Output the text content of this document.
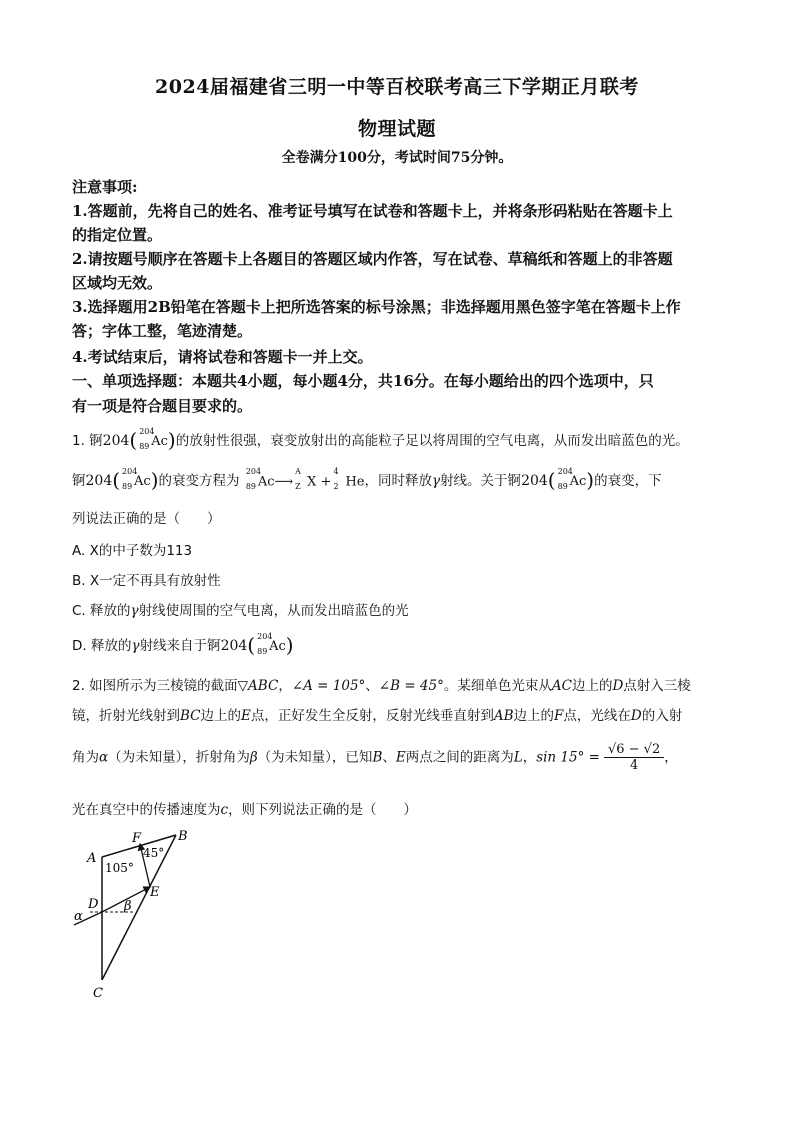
2024届福建省三明一中等百校联考高三下学期正月联考
物理试题
全卷满分100分，考试时间75分钟。
注意事项:
1.答题前，先将自己的姓名、准考证号填写在试卷和答题卡上，并将条形码粘贴在答题卡上
的指定位置。
2.请按题号顺序在答题卡上各题目的答题区域内作答，写在试卷、草稿纸和答题上的非答题
区域均无效。
3.选择题用2B铅笔在答题卡上把所选答案的标号涂黑；非选择题用黑色签字笔在答题卡上作
答；字体工整，笔迹清楚。
4.考试结束后，请将试卷和答题卡一并上交。
一、单项选择题：本题共4小题，每小题4分，共16分。在每小题给出的四个选项中，只
有一项是符合题目要求的。
1. 锕204( 204
89 Ac)的放射性很强，衰变放射出的高能粒子足以将周围的空气电离，从而发出暗蓝色的光。
锕204( 204
89 Ac)的衰变方程为
204
89 Ac⟶
A
Z X +
4
2 He，同时释放γ射线。关于锕204( 204
89 Ac)的衰变，下
列说法正确的是（　　）
A. X的中子数为113
B. X一定不再具有放射性
C. 释放的γ射线使周围的空气电离，从而发出暗蓝色的光
D. 释放的γ射线来自于锕204( 204
89 Ac)
2. 如图所示为三棱镜的截面▽ABC，∠A = 105°、∠B = 45°。某细单色光束从AC边上的D点射入三棱
镜，折射光线射到BC边上的E点，正好发生全反射，反射光线垂直射到AB边上的F点，光线在D的入射
角为α（为未知量），折射角为β（为未知量），已知B、E两点之间的距离为L，$\sin 15^\circ = \frac{√6 - √2}{4}$ ，
光在真空中的传播速度为c，则下列说法正确的是（　　）
A
B
C
D
E
F
105°
45°
α
β
